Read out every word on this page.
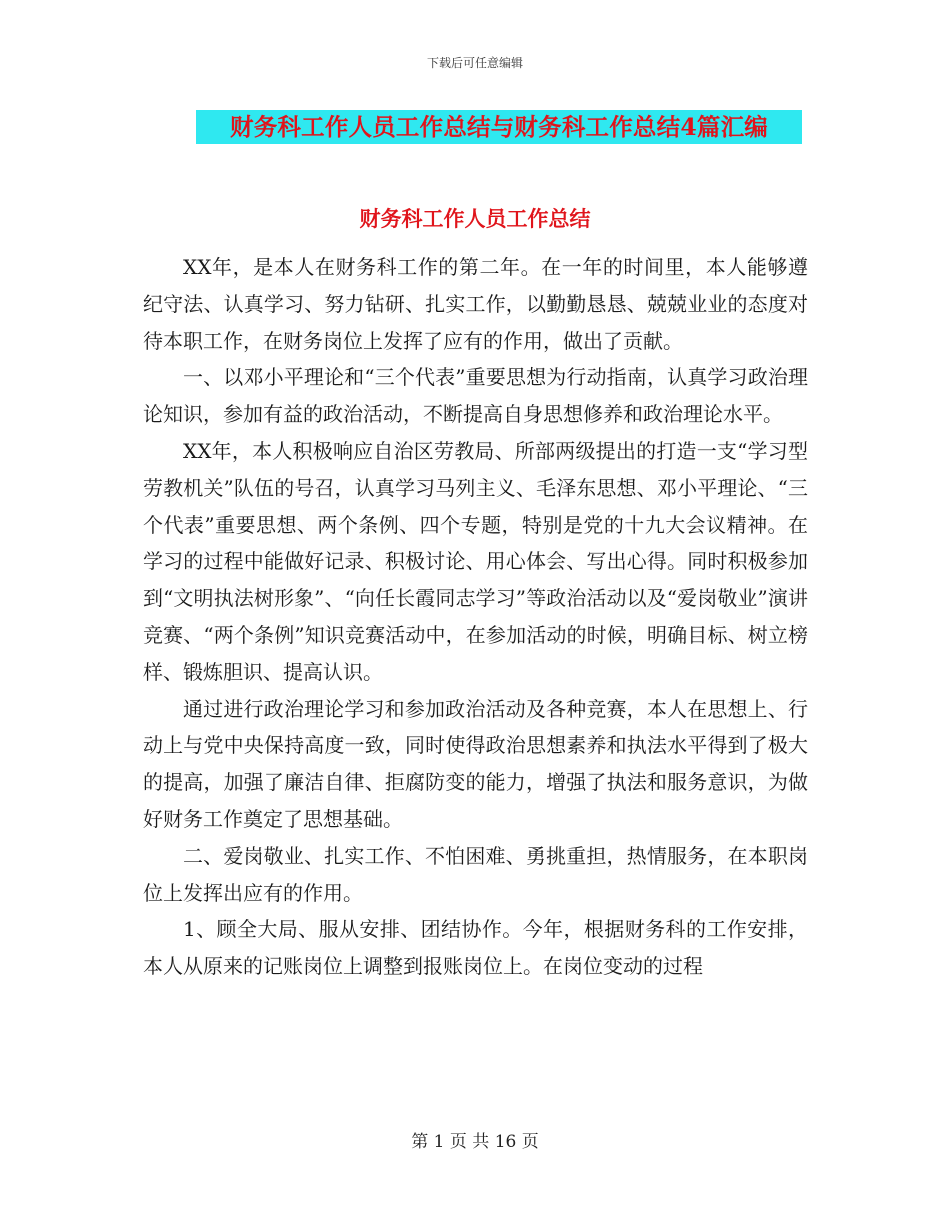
下载后可任意编辑
财务科工作人员工作总结与财务科工作总结4篇汇编
财务科工作人员工作总结

XX年，是本人在财务科工作的第二年。在一年的时间里，本人能够遵纪守法、认真学习、努力钻研、扎实工作，以勤勤恳恳、兢兢业业的态度对待本职工作，在财务岗位上发挥了应有的作用，做出了贡献。

一、以邓小平理论和“三个代表”重要思想为行动指南，认真学习政治理论知识，参加有益的政治活动，不断提高自身思想修养和政治理论水平。

XX年，本人积极响应自治区劳教局、所部两级提出的打造一支“学习型劳教机关”队伍的号召，认真学习马列主义、毛泽东思想、邓小平理论、“三个代表”重要思想、两个条例、四个专题，特别是党的十九大会议精神。在学习的过程中能做好记录、积极讨论、用心体会、写出心得。同时积极参加到“文明执法树形象”、“向任长霞同志学习”等政治活动以及“爱岗敬业”演讲竞赛、“两个条例”知识竞赛活动中，在参加活动的时候，明确目标、树立榜样、锻炼胆识、提高认识。

通过进行政治理论学习和参加政治活动及各种竞赛，本人在思想上、行动上与党中央保持高度一致，同时使得政治思想素养和执法水平得到了极大的提高，加强了廉洁自律、拒腐防变的能力，增强了执法和服务意识，为做好财务工作奠定了思想基础。

二、爱岗敬业、扎实工作、不怕困难、勇挑重担，热情服务，在本职岗位上发挥出应有的作用。

1、顾全大局、服从安排、团结协作。今年，根据财务科的工作安排，本人从原来的记账岗位上调整到报账岗位上。在岗位变动的过程

第 1 页 共 16 页
